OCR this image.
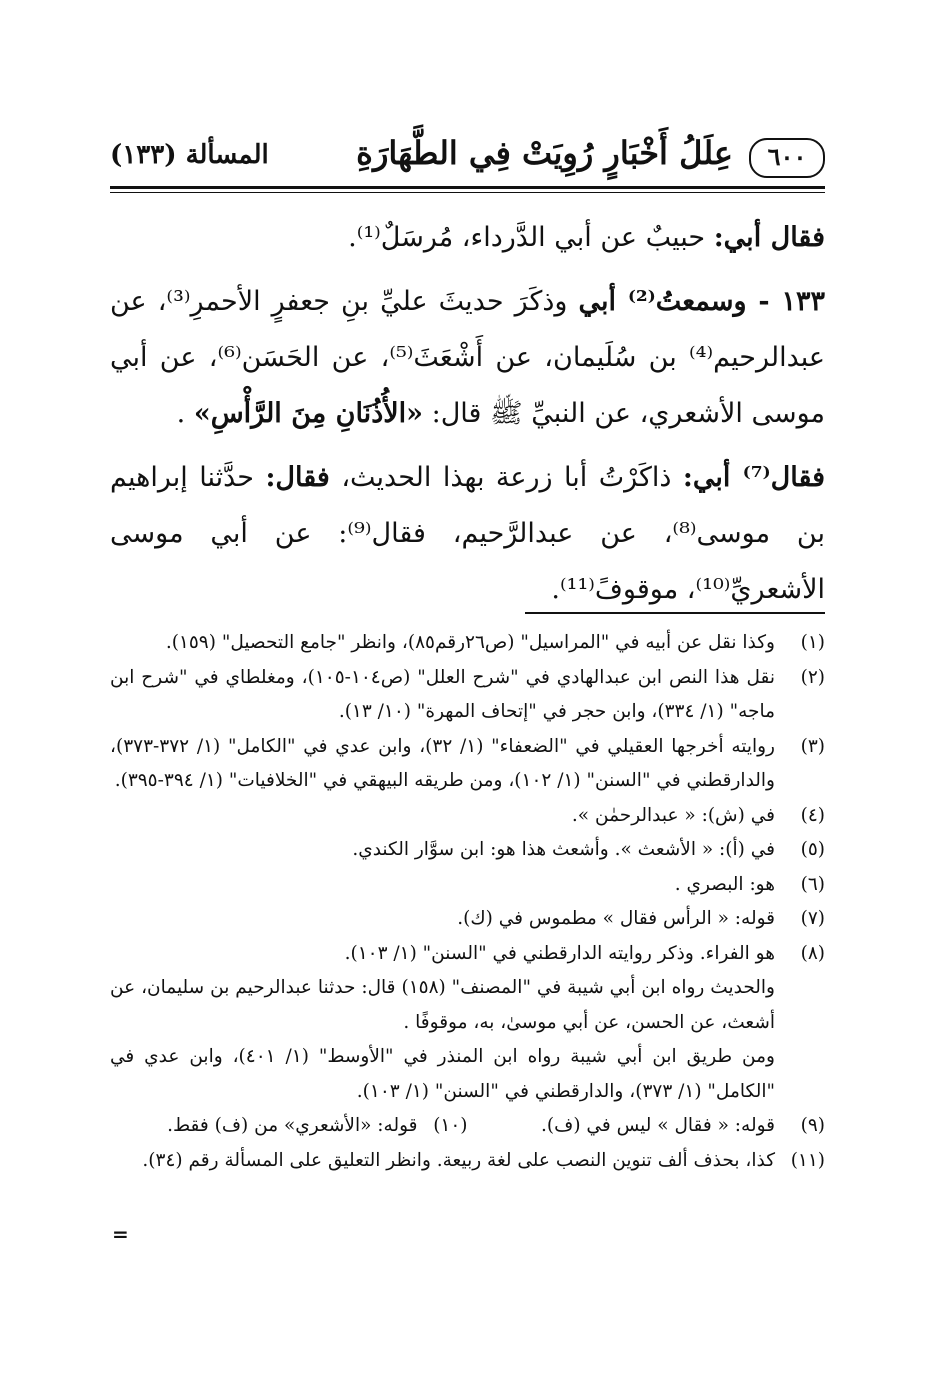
٦٠٠
عِلَلُ أَخْبَارٍ رُوِيَتْ فِي الطَّهَارَةِ
المسألة (١٣٣)

فقال أبي: حبيبٌ عن أبي الدَّرداء، مُرسَلٌ⁽¹⁾.

١٣٣ - وسمعتُ⁽²⁾ أبي وذكَرَ حديثَ عليِّ بنِ جعفرٍ الأحمرِ⁽³⁾، عن عبدالرحيم⁽⁴⁾ بن سُلَيمان، عن أَشْعَثَ⁽⁵⁾، عن الحَسَن⁽⁶⁾، عن أبي موسى الأشعري، عن النبيِّ ﷺ قال: «الأُذُنَانِ مِنَ الرَّأْسِ» .

فقال⁽⁷⁾ أبي: ذاكَرْتُ أبا زرعة بهذا الحديث، فقال: حدَّثنا إبراهيم بن موسى⁽⁸⁾، عن عبدالرَّحيم، فقال⁽⁹⁾: عن أبي موسى الأشعريِّ⁽¹⁰⁾، موقوفً⁽¹¹⁾.

(١)
وكذا نقل عن أبيه في "المراسيل" (ص٢٦رقم٨٥)، وانظر "جامع التحصيل" (١٥٩).
(٢)
نقل هذا النص ابن عبدالهادي في "شرح العلل" (ص١٠٤-١٠٥)، ومغلطاي في "شرح ابن ماجه" (١/ ٣٣٤)، وابن حجر في "إتحاف المهرة" (١٠/ ١٣).
(٣)
روايته أخرجها العقيلي في "الضعفاء" (١/ ٣٢)، وابن عدي في "الكامل" (١/ ٣٧٢-٣٧٣)، والدارقطني في "السنن" (١/ ١٠٢)، ومن طريقه البيهقي في "الخلافيات" (١/ ٣٩٤-٣٩٥).
(٤)
في (ش): « عبدالرحمٰن ».
(٥)
في (أ): « الأشعث ». وأشعث هذا هو: ابن سوَّار الكندي.
(٦)
هو: البصري .
(٧)
قوله: « الرأس فقال » مطموس في (ك).
(٨)
هو الفراء. وذكر روايته الدارقطني في "السنن" (١/ ١٠٣).
والحديث رواه ابن أبي شيبة في "المصنف" (١٥٨) قال: حدثنا عبدالرحيم بن سليمان، عن أشعث، عن الحسن، عن أبي موسىٰ، به، موقوفًا .
ومن طريق ابن أبي شيبة رواه ابن المنذر في "الأوسط" (١/ ٤٠١)، وابن عدي في "الكامل" (١/ ٣٧٣)، والدارقطني في "السنن" (١/ ١٠٣).
(٩)
قوله: « فقال » ليس في (ف).
(١٠)
قوله: «الأشعري» من (ف) فقط.
(١١)
كذا، بحذف ألف تنوين النصب على لغة ربيعة. وانظر التعليق على المسألة رقم (٣٤).
=
